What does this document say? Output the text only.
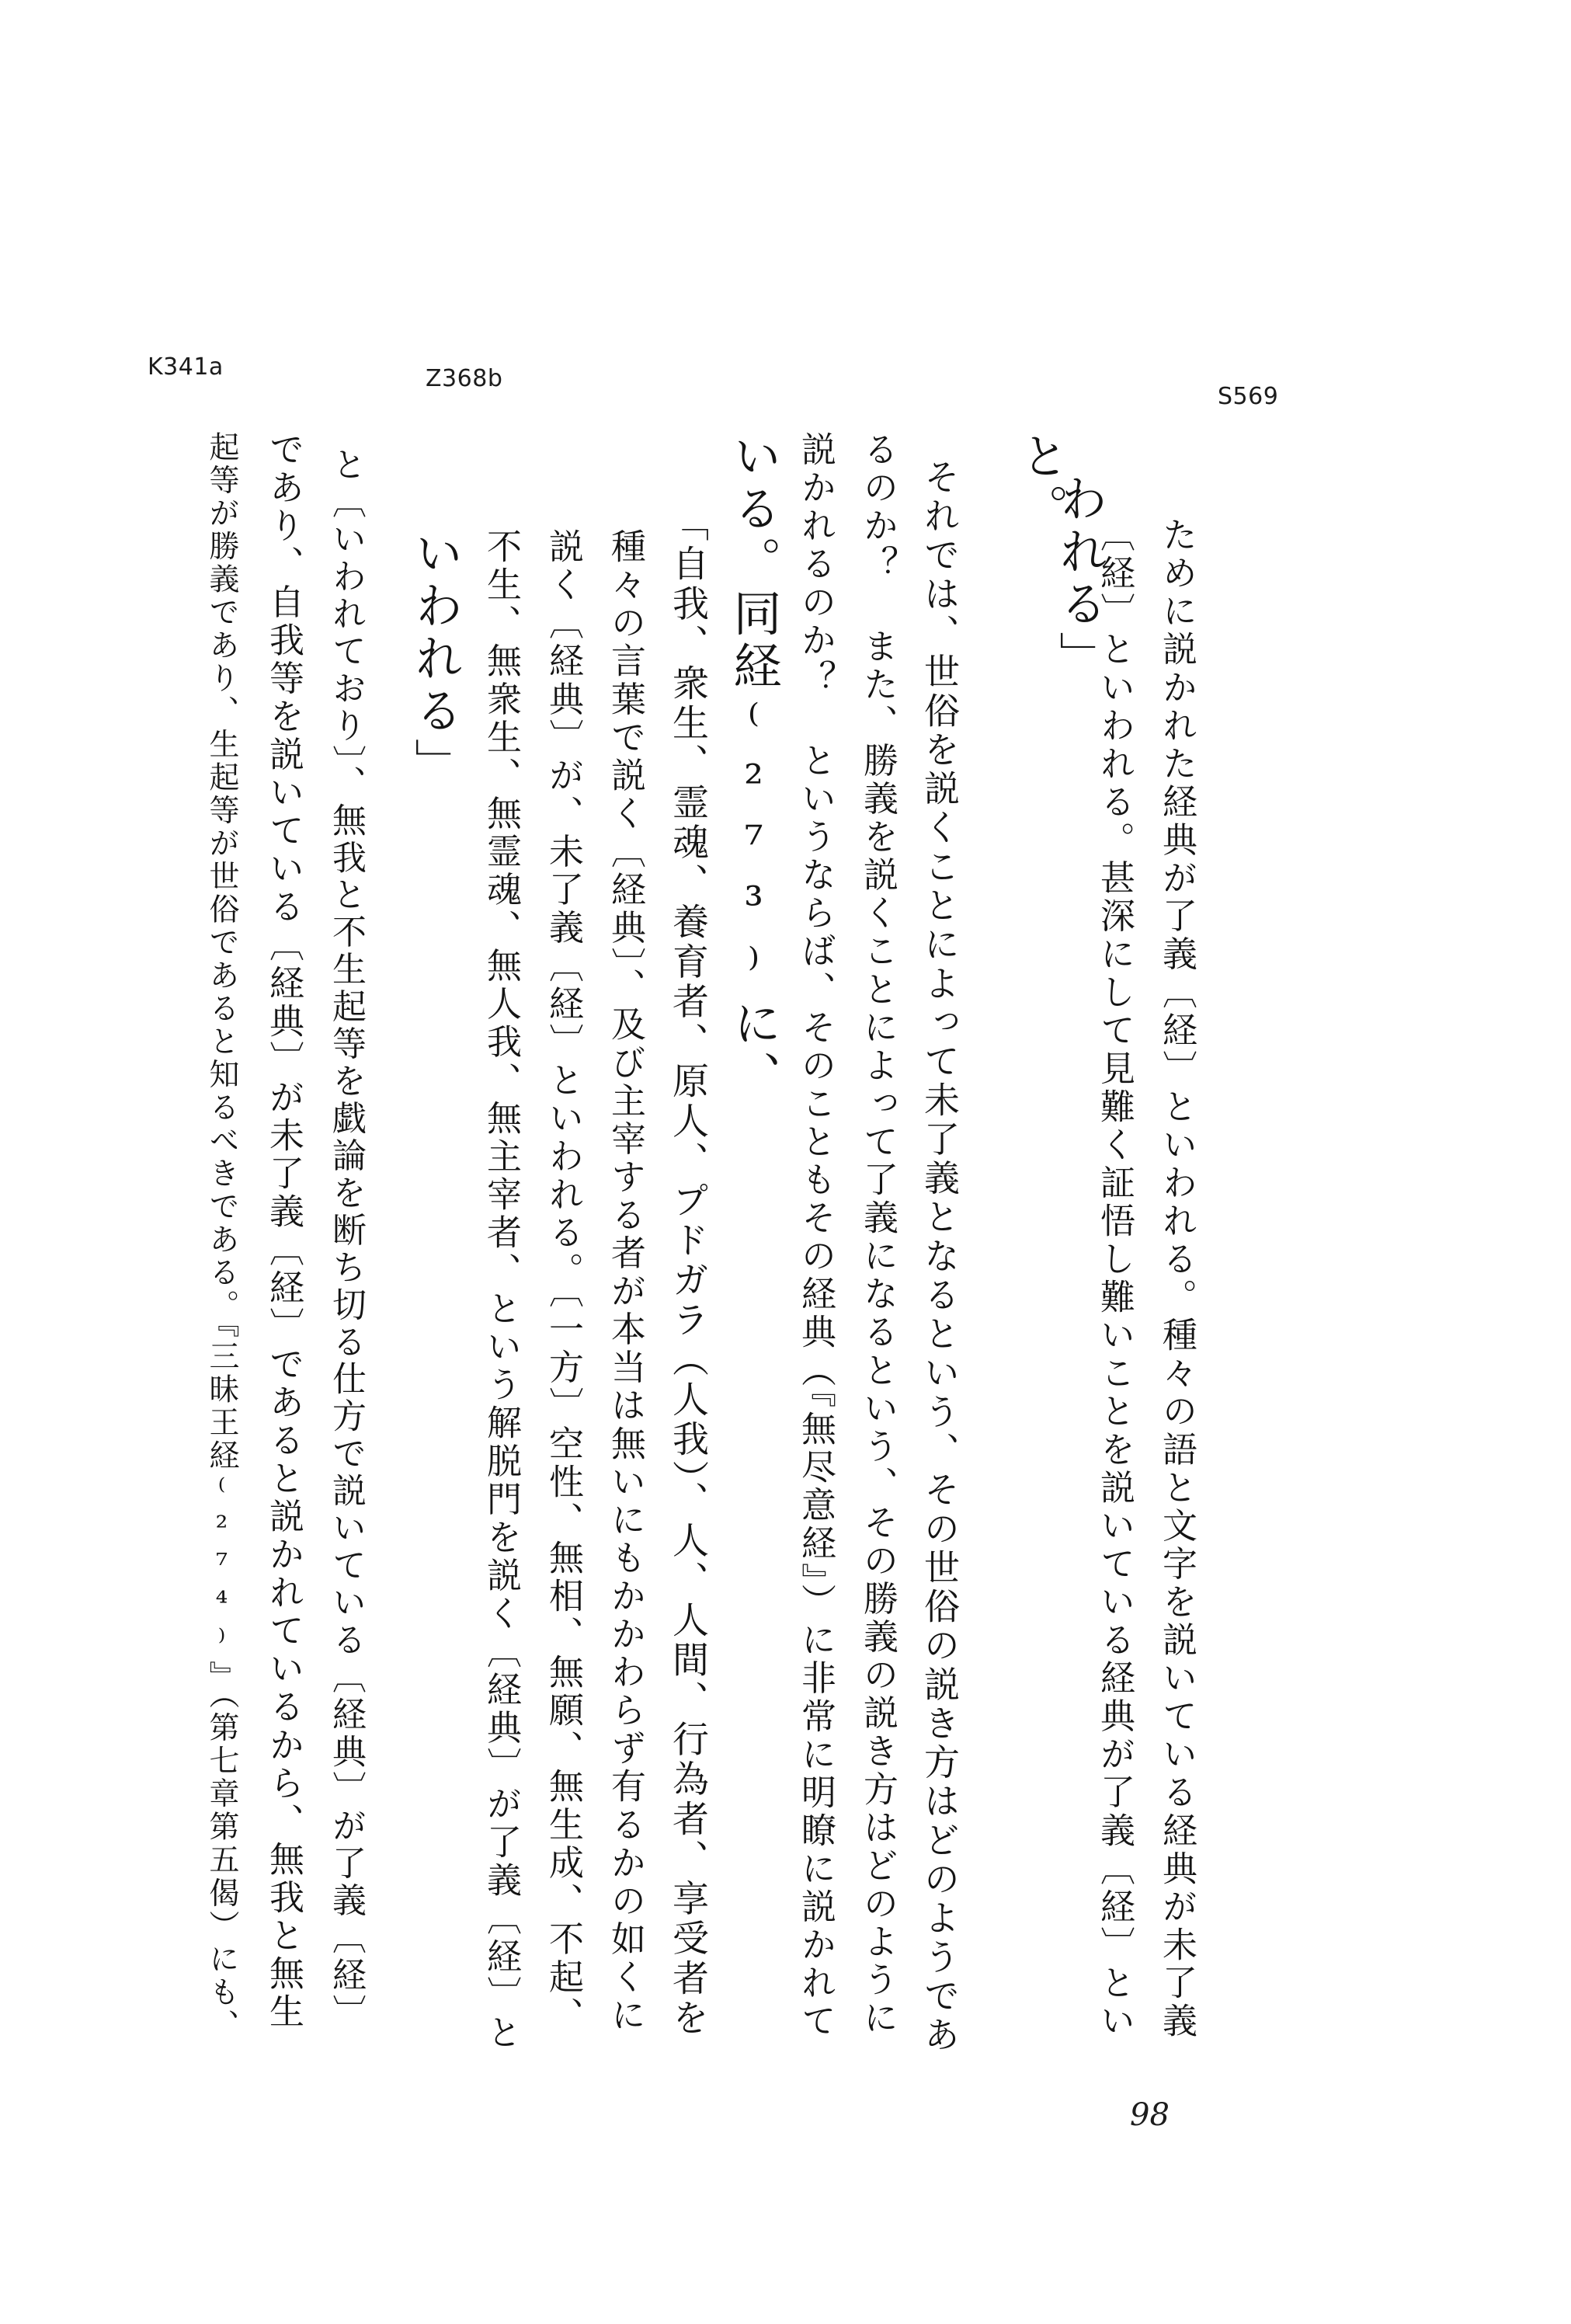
S569
Z368b
K341a
ために説かれた経典が了義〔経〕といわれる。種々の語と文字を説いている経典が未了義
〔経〕といわれる。甚深にして見難く証悟し難いことを説いている経典が了義〔経〕とい
われる」
と。
それでは、世俗を説くことによって未了義となるという、その世俗の説き方はどのようであ
るのか？ また、勝義を説くことによって了義になるという、その勝義の説き方はどのように
説かれるのか？ というならば、そのこともその経典（『無尽意経』）に非常に明瞭に説かれて
いる。同経⁽²⁷³⁾に、
「自我、衆生、霊魂、養育者、原人、プドガラ（人我）、人、人間、行為者、享受者を
種々の言葉で説く〔経典〕、及び主宰する者が本当は無いにもかかわらず有るかの如くに
説く〔経典〕が、未了義〔経〕といわれる。〔一方〕空性、無相、無願、無生成、不起、
不生、無衆生、無霊魂、無人我、無主宰者、という解脱門を説く〔経典〕が了義〔経〕と
いわれる」
と〔いわれており〕、無我と不生起等を戯論を断ち切る仕方で説いている〔経典〕が了義〔経〕
であり、自我等を説いている〔経典〕が未了義〔経〕であると説かれているから、無我と無生
起等が勝義であり、生起等が世俗であると知るべきである。『三昧王経⁽²⁷⁴⁾』（第七章第五偈）にも、
98
